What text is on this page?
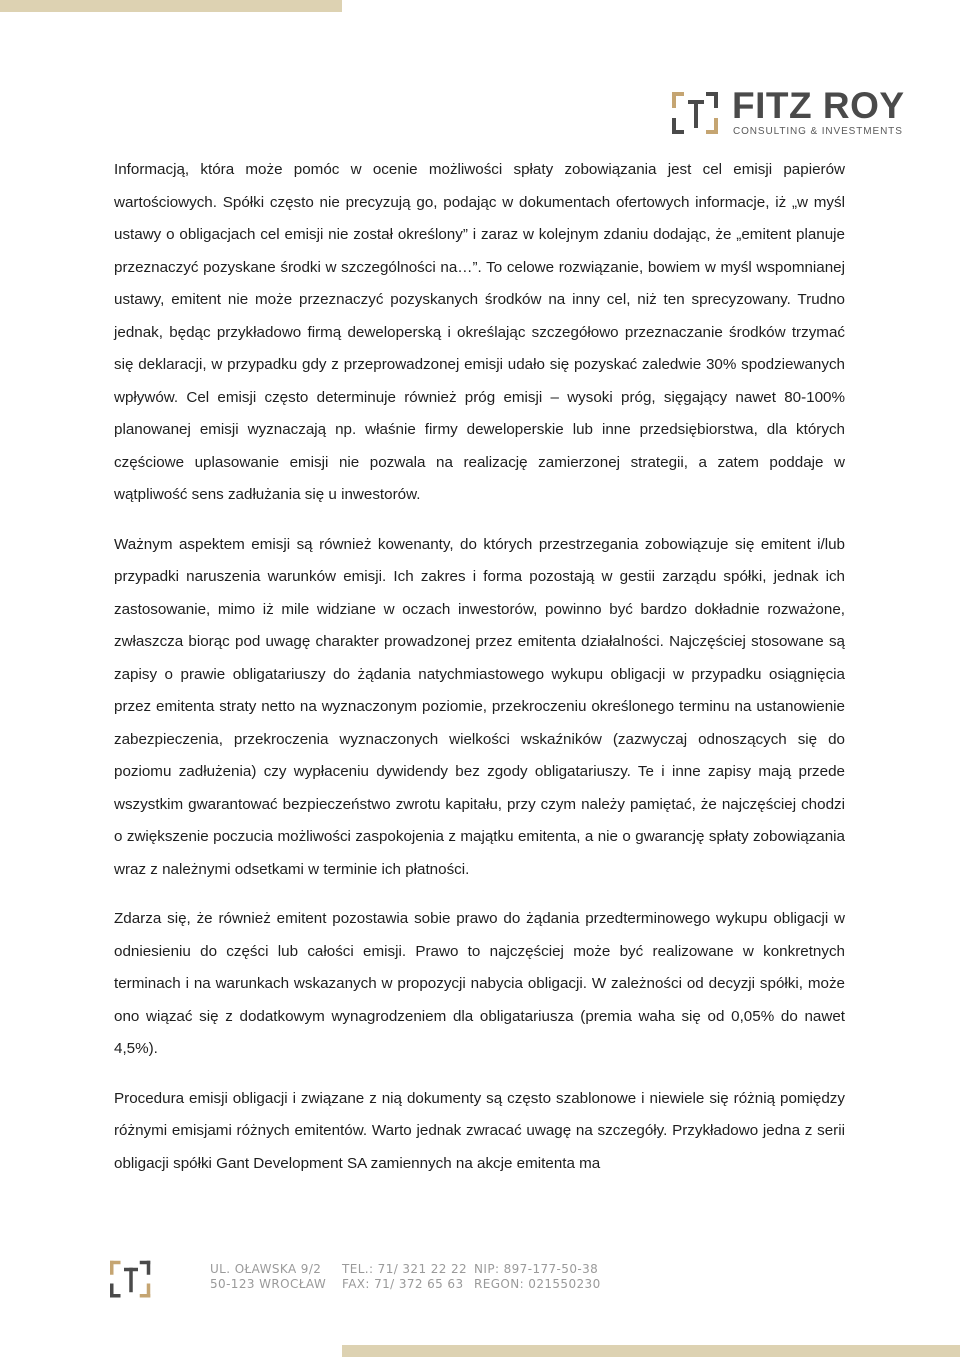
FITZ ROY
CONSULTING & INVESTMENTS

Informacją, która może pomóc w ocenie możliwości spłaty zobowiązania jest cel emisji papierów wartościowych. Spółki często nie precyzują go, podając w dokumentach ofertowych informacje, iż „w myśl ustawy o obligacjach cel emisji nie został określony” i zaraz w kolejnym zdaniu dodając, że „emitent planuje przeznaczyć pozyskane środki w szczególności na…”. To celowe rozwiązanie, bowiem w myśl wspomnianej ustawy, emitent nie może przeznaczyć pozyskanych środków na inny cel, niż ten sprecyzowany. Trudno jednak, będąc przykładowo firmą deweloperską i określając szczegółowo przeznaczanie środków trzymać się deklaracji, w przypadku gdy z przeprowadzonej emisji udało się pozyskać zaledwie 30% spodziewanych wpływów. Cel emisji często determinuje również próg emisji – wysoki próg, sięgający nawet 80-100% planowanej emisji wyznaczają np. właśnie firmy deweloperskie lub inne przedsiębiorstwa, dla których częściowe uplasowanie emisji nie pozwala na realizację zamierzonej strategii, a zatem poddaje w wątpliwość sens zadłużania się u inwestorów.

Ważnym aspektem emisji są również kowenanty, do których przestrzegania zobowiązuje się emitent i/lub przypadki naruszenia warunków emisji. Ich zakres i forma pozostają w gestii zarządu spółki, jednak ich zastosowanie, mimo iż mile widziane w oczach inwestorów, powinno być bardzo dokładnie rozważone, zwłaszcza biorąc pod uwagę charakter prowadzonej przez emitenta działalności. Najczęściej stosowane są zapisy o prawie obligatariuszy do żądania natychmiastowego wykupu obligacji w przypadku osiągnięcia przez emitenta straty netto na wyznaczonym poziomie, przekroczeniu określonego terminu na ustanowienie zabezpieczenia, przekroczenia wyznaczonych wielkości wskaźników (zazwyczaj odnoszących się do poziomu zadłużenia) czy wypłaceniu dywidendy bez zgody obligatariuszy. Te i inne zapisy mają przede wszystkim gwarantować bezpieczeństwo zwrotu kapitału, przy czym należy pamiętać, że najczęściej chodzi o zwiększenie poczucia możliwości zaspokojenia z majątku emitenta, a nie o gwarancję spłaty zobowiązania wraz z należnymi odsetkami w terminie ich płatności.

Zdarza się, że również emitent pozostawia sobie prawo do żądania przedterminowego wykupu obligacji w odniesieniu do części lub całości emisji. Prawo to najczęściej może być realizowane w konkretnych terminach i na warunkach wskazanych w propozycji nabycia obligacji. W zależności od decyzji spółki, może ono wiązać się z dodatkowym wynagrodzeniem dla obligatariusza (premia waha się od 0,05% do nawet 4,5%).

Procedura emisji obligacji i związane z nią dokumenty są często szablonowe i niewiele się różnią pomiędzy różnymi emisjami różnych emitentów. Warto jednak zwracać uwagę na szczegóły. Przykładowo jedna z serii obligacji spółki Gant Development SA zamiennych na akcje emitenta ma

UL. OŁAWSKA 9/2
50-123 WROCŁAW
TEL.: 71/ 321 22 22
FAX: 71/ 372 65 63
NIP: 897-177-50-38
REGON: 021550230
